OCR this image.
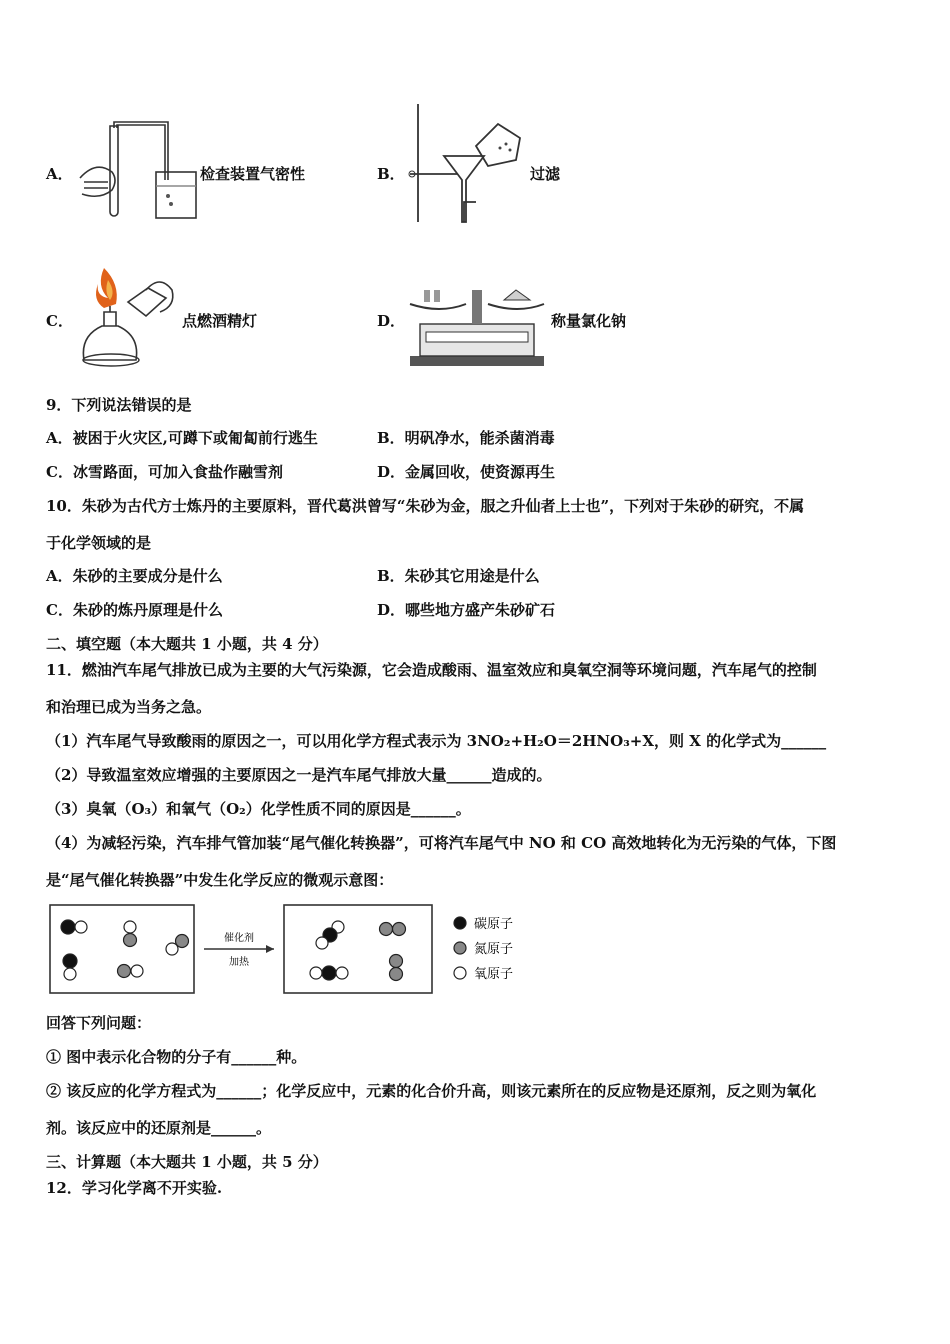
A．	检查装置气密性	B．	过滤
C．	点燃酒精灯	D．	称量氯化钠
9．下列说法错误的是
A．被困于火灾区,可蹲下或匍匐前行逃生	B．明矾净水，能杀菌消毒
C．冰雪路面，可加入食盐作融雪剂	D．金属回收，使资源再生
10．朱砂为古代方士炼丹的主要原料，晋代葛洪曾写“朱砂为金，服之升仙者上士也”，下列对于朱砂的研究，不属
于化学领域的是
A．朱砂的主要成分是什么	B．朱砂其它用途是什么
C．朱砂的炼丹原理是什么	D．哪些地方盛产朱砂矿石
二、填空题（本大题共 1 小题，共 4 分）
11．燃油汽车尾气排放已成为主要的大气污染源，它会造成酸雨、温室效应和臭氧空洞等环境问题，汽车尾气的控制
和治理已成为当务之急。
（1）汽车尾气导致酸雨的原因之一，可以用化学方程式表示为 3NO₂+H₂O＝2HNO₃+X，则 X 的化学式为______
（2）导致温室效应增强的主要原因之一是汽车尾气排放大量______造成的。
（3）臭氧（O₃）和氧气（O₂）化学性质不同的原因是______。
（4）为减轻污染，汽车排气管加装“尾气催化转换器”，可将汽车尾气中 NO 和 CO 高效地转化为无污染的气体，下图
是“尾气催化转换器”中发生化学反应的微观示意图：
催化剂
加热
碳原子
氮原子
氧原子
回答下列问题：
① 图中表示化合物的分子有______种。
② 该反应的化学方程式为______；化学反应中，元素的化合价升高，则该元素所在的反应物是还原剂，反之则为氧化
剂。该反应中的还原剂是______。
三、计算题（本大题共 1 小题，共 5 分）
12．学习化学离不开实验.
